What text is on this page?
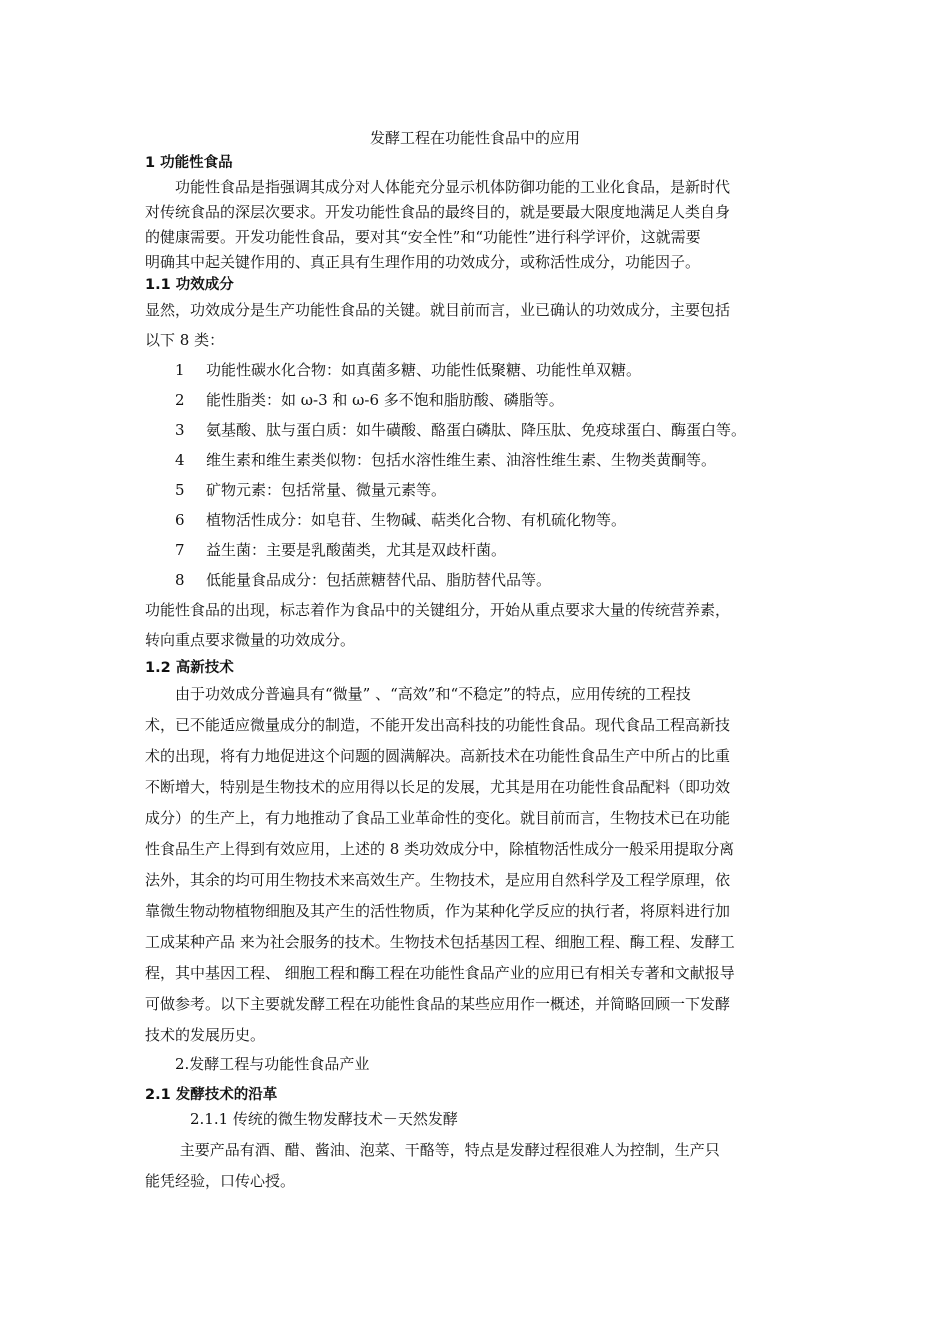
发酵工程在功能性食品中的应用
1 功能性食品
　　功能性食品是指强调其成分对人体能充分显示机体防御功能的工业化食品，是新时代
对传统食品的深层次要求。开发功能性食品的最终目的，就是要最大限度地满足人类自身
的健康需要。开发功能性食品，要对其“安全性”和“功能性”进行科学评价，这就需要
明确其中起关键作用的、真正具有生理作用的功效成分，或称活性成分，功能因子。
1.1 功效成分
显然，功效成分是生产功能性食品的关键。就目前而言，业已确认的功效成分，主要包括
以下 8 类：
1 功能性碳水化合物：如真菌多糖、功能性低聚糖、功能性单双糖。
2 能性脂类：如 ω-3 和 ω-6 多不饱和脂肪酸、磷脂等。
3 氨基酸、肽与蛋白质：如牛磺酸、酪蛋白磷肽、降压肽、免疫球蛋白、酶蛋白等。
4 维生素和维生素类似物：包括水溶性维生素、油溶性维生素、生物类黄酮等。
5 矿物元素：包括常量、微量元素等。
6 植物活性成分：如皂苷、生物碱、萜类化合物、有机硫化物等。
7 益生菌：主要是乳酸菌类，尤其是双歧杆菌。
8 低能量食品成分：包括蔗糖替代品、脂肪替代品等。
功能性食品的出现，标志着作为食品中的关键组分，开始从重点要求大量的传统营养素，
转向重点要求微量的功效成分。
1.2 高新技术
　　由于功效成分普遍具有“微量” 、“高效”和“不稳定”的特点，应用传统的工程技
术，已不能适应微量成分的制造，不能开发出高科技的功能性食品。现代食品工程高新技
术的出现，将有力地促进这个问题的圆满解决。高新技术在功能性食品生产中所占的比重
不断增大，特别是生物技术的应用得以长足的发展，尤其是用在功能性食品配料（即功效
成分）的生产上，有力地推动了食品工业革命性的变化。就目前而言，生物技术已在功能
性食品生产上得到有效应用，上述的 8 类功效成分中，除植物活性成分一般采用提取分离
法外，其余的均可用生物技术来高效生产。生物技术，是应用自然科学及工程学原理，依
靠微生物动物植物细胞及其产生的活性物质，作为某种化学反应的执行者，将原料进行加
工成某种产品 来为社会服务的技术。生物技术包括基因工程、细胞工程、酶工程、发酵工
程，其中基因工程、 细胞工程和酶工程在功能性食品产业的应用已有相关专著和文献报导
可做参考。以下主要就发酵工程在功能性食品的某些应用作一概述，并简略回顾一下发酵
技术的发展历史。
　　2.发酵工程与功能性食品产业
2.1 发酵技术的沿革
　　　2.1.1 传统的微生物发酵技术－天然发酵
　　 主要产品有酒、醋、酱油、泡菜、干酪等，特点是发酵过程很难人为控制，生产只
能凭经验，口传心授。
